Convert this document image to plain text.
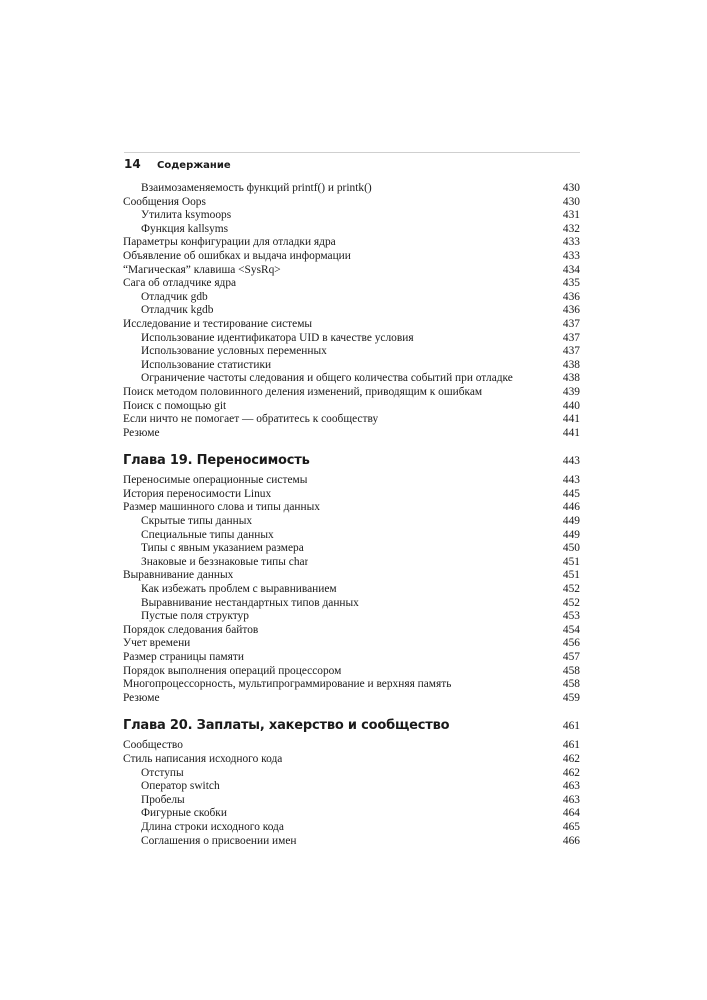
14	Содержание
Взаимозаменяемость функций printf() и printk()	430
Сообщения Oops	430
Утилита ksymoops	431
Функция kallsyms	432
Параметры конфигурации для отладки ядра	433
Объявление об ошибках и выдача информации	433
“Магическая” клавиша <SysRq>	434
Сага об отладчике ядра	435
Отладчик gdb	436
Отладчик kgdb	436
Исследование и тестирование системы	437
Использование идентификатора UID в качестве условия	437
Использование условных переменных	437
Использование статистики	438
Ограничение частоты следования и общего количества событий при отладке	438
Поиск методом половинного деления изменений, приводящим к ошибкам	439
Поиск с помощью git	440
Если ничто не помогает — обратитесь к сообществу	441
Резюме	441
Глава 19. Переносимость	443
Переносимые операционные системы	443
История переносимости Linux	445
Размер машинного слова и типы данных	446
Скрытые типы данных	449
Специальные типы данных	449
Типы с явным указанием размера	450
Знаковые и беззнаковые типы char	451
Выравнивание данных	451
Как избежать проблем с выравниванием	452
Выравнивание нестандартных типов данных	452
Пустые поля структур	453
Порядок следования байтов	454
Учет времени	456
Размер страницы памяти	457
Порядок выполнения операций процессором	458
Многопроцессорность, мультипрограммирование и верхняя память	458
Резюме	459
Глава 20. Заплаты, хакерство и сообщество	461
Сообщество	461
Стиль написания исходного кода	462
Отступы	462
Оператор switch	463
Пробелы	463
Фигурные скобки	464
Длина строки исходного кода	465
Соглашения о присвоении имен	466
